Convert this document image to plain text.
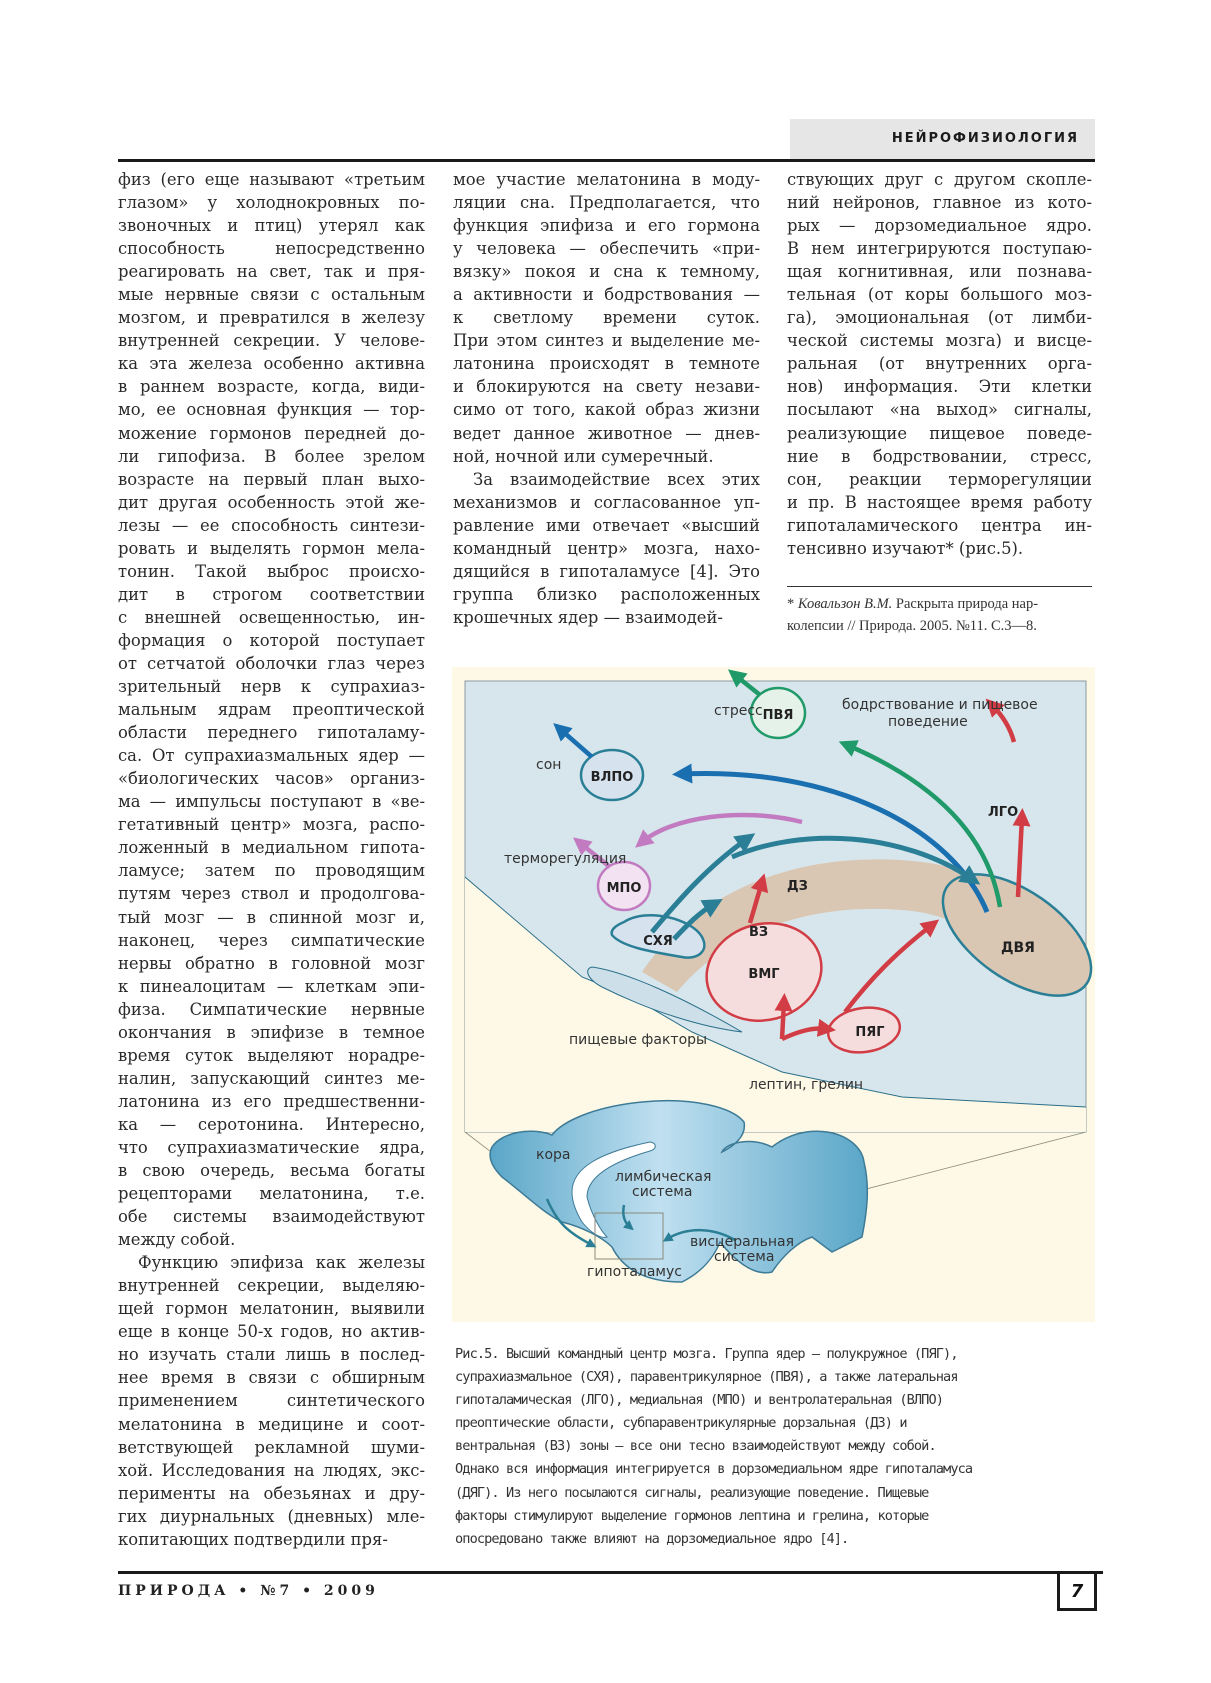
НЕЙРОФИЗИОЛОГИЯ
физ (его еще называют «третьим
глазом» у холоднокровных по-
звоночных и птиц) утерял как
способность непосредственно
реагировать на свет, так и пря-
мые нервные связи с остальным
мозгом, и превратился в железу
внутренней секреции. У челове-
ка эта железа особенно активна
в раннем возрасте, когда, види-
мо, ее основная функция — тор-
можение гормонов передней до-
ли гипофиза. В более зрелом
возрасте на первый план выхо-
дит другая особенность этой же-
лезы — ее способность синтези-
ровать и выделять гормон мела-
тонин. Такой выброс происхо-
дит в строгом соответствии
с внешней освещенностью, ин-
формация о которой поступает
от сетчатой оболочки глаз через
зрительный нерв к супрахиаз-
мальным ядрам преоптической
области переднего гипоталаму-
са. От супрахиазмальных ядер —
«биологических часов» организ-
ма — импульсы поступают в «ве-
гетативный центр» мозга, распо-
ложенный в медиальном гипота-
ламусе; затем по проводящим
путям через ствол и продолгова-
тый мозг — в спинной мозг и,
наконец, через симпатические
нервы обратно в головной мозг
к пинеалоцитам — клеткам эпи-
физа. Симпатические нервные
окончания в эпифизе в темное
время суток выделяют норадре-
налин, запускающий синтез ме-
латонина из его предшественни-
ка — серотонина. Интересно,
что супрахиазматические ядра,
в свою очередь, весьма богаты
рецепторами мелатонина, т.е.
обе системы взаимодействуют
между собой.
Функцию эпифиза как железы
внутренней секреции, выделяю-
щей гормон мелатонин, выявили
еще в конце 50-х годов, но актив-
но изучать стали лишь в послед-
нее время в связи с обширным
применением синтетического
мелатонина в медицине и соот-
ветствующей рекламной шуми-
хой. Исследования на людях, экс-
перименты на обезьянах и дру-
гих диурнальных (дневных) мле-
копитающих подтвердили пря-
мое участие мелатонина в моду-
ляции сна. Предполагается, что
функция эпифиза и его гормона
у человека — обеспечить «при-
вязку» покоя и сна к темному,
а активности и бодрствования —
к светлому времени суток.
При этом синтез и выделение ме-
латонина происходят в темноте
и блокируются на свету незави-
симо от того, какой образ жизни
ведет данное животное — днев-
ной, ночной или сумеречный.
За взаимодействие всех этих
механизмов и согласованное уп-
равление ими отвечает «высший
командный центр» мозга, нахо-
дящийся в гипоталамусе [4]. Это
группа близко расположенных
крошечных ядер — взаимодей-
ствующих друг с другом скопле-
ний нейронов, главное из кото-
рых — дорзомедиальное ядро.
В нем интегрируются поступаю-
щая когнитивная, или познава-
тельная (от коры большого моз-
га), эмоциональная (от лимби-
ческой системы мозга) и висце-
ральная (от внутренних орга-
нов) информация. Эти клетки
посылают «на выход» сигналы,
реализующие пищевое поведе-
ние в бодрствовании, стресс,
сон, реакции терморегуляции
и пр. В настоящее время работу
гипоталамического центра ин-
тенсивно изучают* (рис.5).
* Ковальзон В.М. Раскрыта природа нар-
колепсии // Природа. 2005. №11. С.3—8.
ДВЯ
ВЛПО
ПВЯ
МПО
СХЯ
ВМГ
ПЯГ
стресс	бодрствование и пищевое
поведение
сон
ЛГО
терморегуляция
ДЗ
ВЗ
пищевые факторы
лептин, грелин
кора
лимбическая
система
висцеральная
система
гипоталамус
Рис.5. Высший командный центр мозга. Группа ядер — полукружное (ПЯГ),
супрахиазмальное (СХЯ), паравентрикулярное (ПВЯ), а также латеральная
гипоталамическая (ЛГО), медиальная (МПО) и вентролатеральная (ВЛПО)
преоптические области, субпаравентрикулярные дорзальная (ДЗ) и
вентральная (ВЗ) зоны — все они тесно взаимодействуют между собой.
Однако вся информация интегрируется в дорзомедиальном ядре гипоталамуса
(ДЯГ). Из него посылаются сигналы, реализующие поведение. Пищевые
факторы стимулируют выделение гормонов лептина и грелина, которые
опосредовано также влияют на дорзомедиальное ядро [4].
ПРИРОДА • №7 • 2009	7
